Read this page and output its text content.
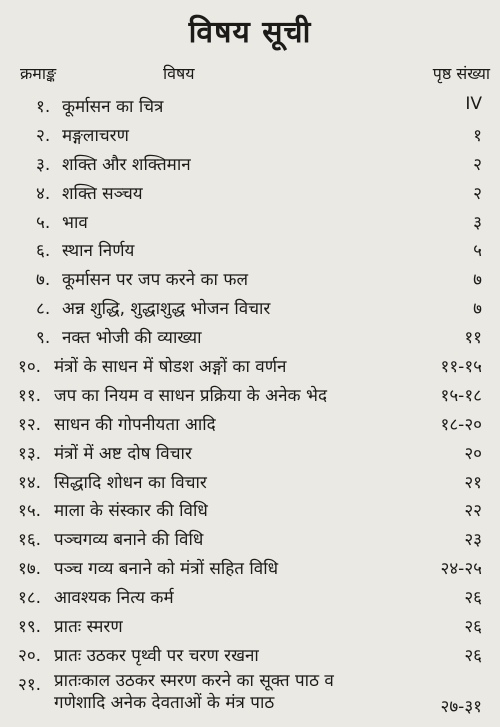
विषय सूची
क्रमाङ्क	विषय	पृष्ठ संख्या
१. कूर्मासन का चित्र	IV
२. मङ्गलाचरण	१
३. शक्ति और शक्तिमान	२
४. शक्ति सञ्चय	२
५. भाव	३
६. स्थान निर्णय	५
७. कूर्मासन पर जप करने का फल	७
८. अन्न शुद्धि, शुद्धाशुद्ध भोजन विचार	७
९. नक्त भोजी की व्याख्या	११
१०. मंत्रों के साधन में षोडश अङ्गों का वर्णन	११-१५
११. जप का नियम व साधन प्रक्रिया के अनेक भेद	१५-१८
१२. साधन की गोपनीयता आदि	१८-२०
१३. मंत्रों में अष्ट दोष विचार	२०
१४. सिद्धादि शोधन का विचार	२१
१५. माला के संस्कार की विधि	२२
१६. पञ्चगव्य बनाने की विधि	२३
१७. पञ्च गव्य बनाने को मंत्रों सहित विधि	२४-२५
१८. आवश्यक नित्य कर्म	२६
१९. प्रातः स्मरण	२६
२०. प्रातः उठकर पृथ्वी पर चरण रखना	२६
२१. प्रातःकाल उठकर स्मरण करने का सूक्त पाठ व
गणेशादि अनेक देवताओं के मंत्र पाठ	२७-३१
